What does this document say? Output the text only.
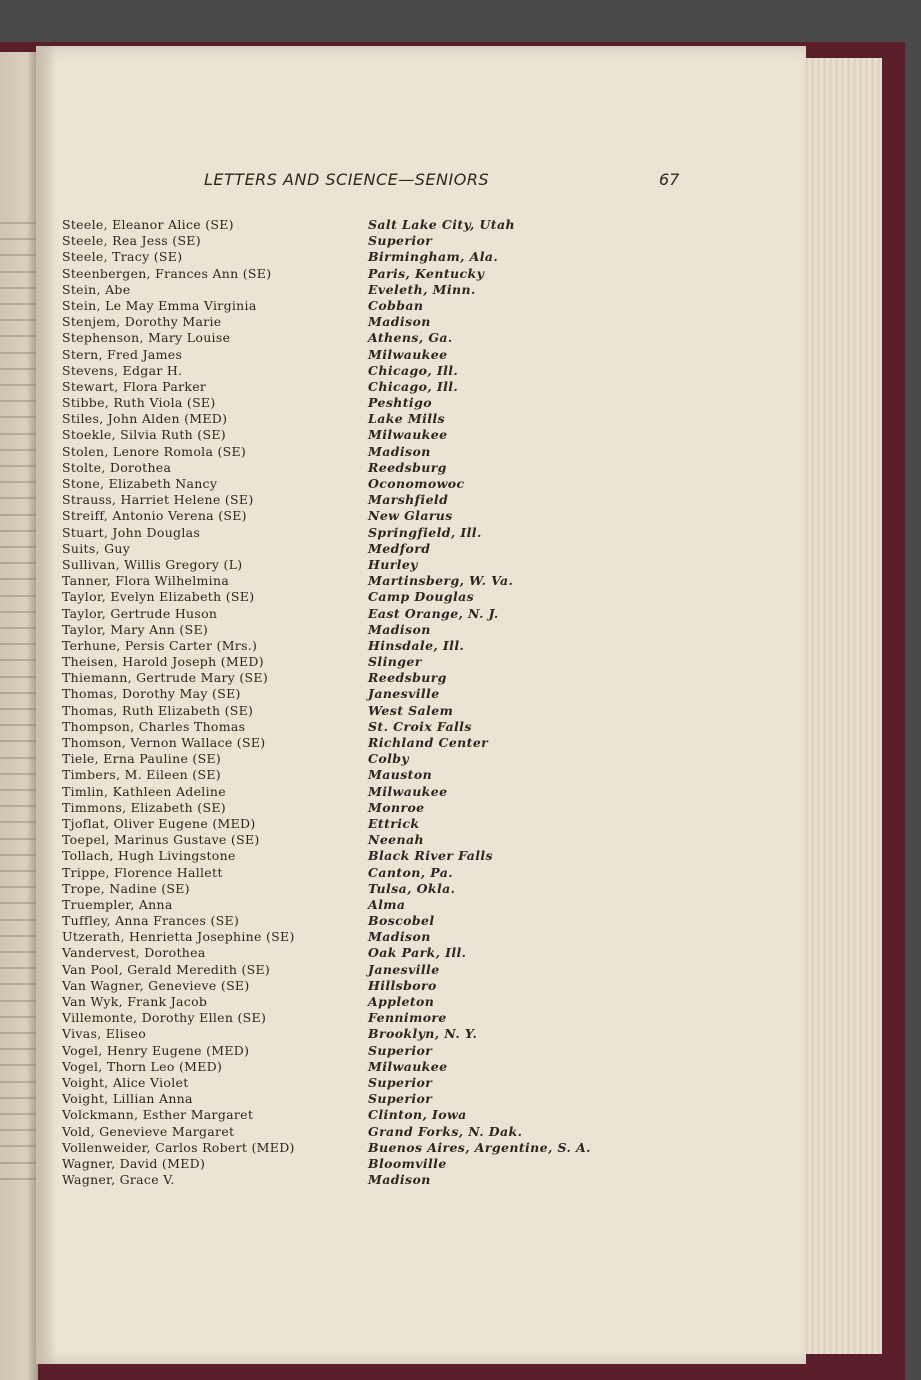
LETTERS AND SCIENCE—SENIORS	67
Steele, Eleanor Alice (SE)	Salt Lake City, Utah
Steele, Rea Jess (SE)	Superior
Steele, Tracy (SE)	Birmingham, Ala.
Steenbergen, Frances Ann (SE)	Paris, Kentucky
Stein, Abe	Eveleth, Minn.
Stein, Le May Emma Virginia	Cobban
Stenjem, Dorothy Marie	Madison
Stephenson, Mary Louise	Athens, Ga.
Stern, Fred James	Milwaukee
Stevens, Edgar H.	Chicago, Ill.
Stewart, Flora Parker	Chicago, Ill.
Stibbe, Ruth Viola (SE)	Peshtigo
Stiles, John Alden (MED)	Lake Mills
Stoekle, Silvia Ruth (SE)	Milwaukee
Stolen, Lenore Romola (SE)	Madison
Stolte, Dorothea	Reedsburg
Stone, Elizabeth Nancy	Oconomowoc
Strauss, Harriet Helene (SE)	Marshfield
Streiff, Antonio Verena (SE)	New Glarus
Stuart, John Douglas	Springfield, Ill.
Suits, Guy	Medford
Sullivan, Willis Gregory (L)	Hurley
Tanner, Flora Wilhelmina	Martinsberg, W. Va.
Taylor, Evelyn Elizabeth (SE)	Camp Douglas
Taylor, Gertrude Huson	East Orange, N. J.
Taylor, Mary Ann (SE)	Madison
Terhune, Persis Carter (Mrs.)	Hinsdale, Ill.
Theisen, Harold Joseph (MED)	Slinger
Thiemann, Gertrude Mary (SE)	Reedsburg
Thomas, Dorothy May (SE)	Janesville
Thomas, Ruth Elizabeth (SE)	West Salem
Thompson, Charles Thomas	St. Croix Falls
Thomson, Vernon Wallace (SE)	Richland Center
Tiele, Erna Pauline (SE)	Colby
Timbers, M. Eileen (SE)	Mauston
Timlin, Kathleen Adeline	Milwaukee
Timmons, Elizabeth (SE)	Monroe
Tjoflat, Oliver Eugene (MED)	Ettrick
Toepel, Marinus Gustave (SE)	Neenah
Tollach, Hugh Livingstone	Black River Falls
Trippe, Florence Hallett	Canton, Pa.
Trope, Nadine (SE)	Tulsa, Okla.
Truempler, Anna	Alma
Tuffley, Anna Frances (SE)	Boscobel
Utzerath, Henrietta Josephine (SE)	Madison
Vandervest, Dorothea	Oak Park, Ill.
Van Pool, Gerald Meredith (SE)	Janesville
Van Wagner, Genevieve (SE)	Hillsboro
Van Wyk, Frank Jacob	Appleton
Villemonte, Dorothy Ellen (SE)	Fennimore
Vivas, Eliseo	Brooklyn, N. Y.
Vogel, Henry Eugene (MED)	Superior
Vogel, Thorn Leo (MED)	Milwaukee
Voight, Alice Violet	Superior
Voight, Lillian Anna	Superior
Volckmann, Esther Margaret	Clinton, Iowa
Vold, Genevieve Margaret	Grand Forks, N. Dak.
Vollenweider, Carlos Robert (MED)	Buenos Aires, Argentine, S. A.
Wagner, David (MED)	Bloomville
Wagner, Grace V.	Madison
